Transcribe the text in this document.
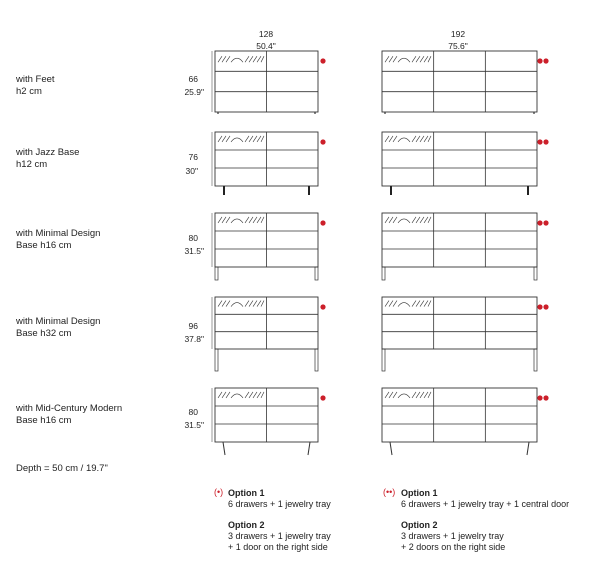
128
50.4"
192
75.6"
with Feet
h2 cm
with Jazz Base
h12 cm
with Minimal Design
Base h16 cm
with Minimal Design
Base h32 cm
with Mid-Century Modern
Base h16 cm
66
25.9"
76
30"
80
31.5"
96
37.8"
80
31.5"
Depth = 50 cm / 19.7"
Option 1
6 drawers + 1 jewelry tray
Option 2
3 drawers + 1 jewelry tray
+ 1 door on the right side
Option 1
6 drawers + 1 jewelry tray + 1 central door
Option 2
3 drawers + 1 jewelry tray
+ 2 doors on the right side
(•)	(••)
